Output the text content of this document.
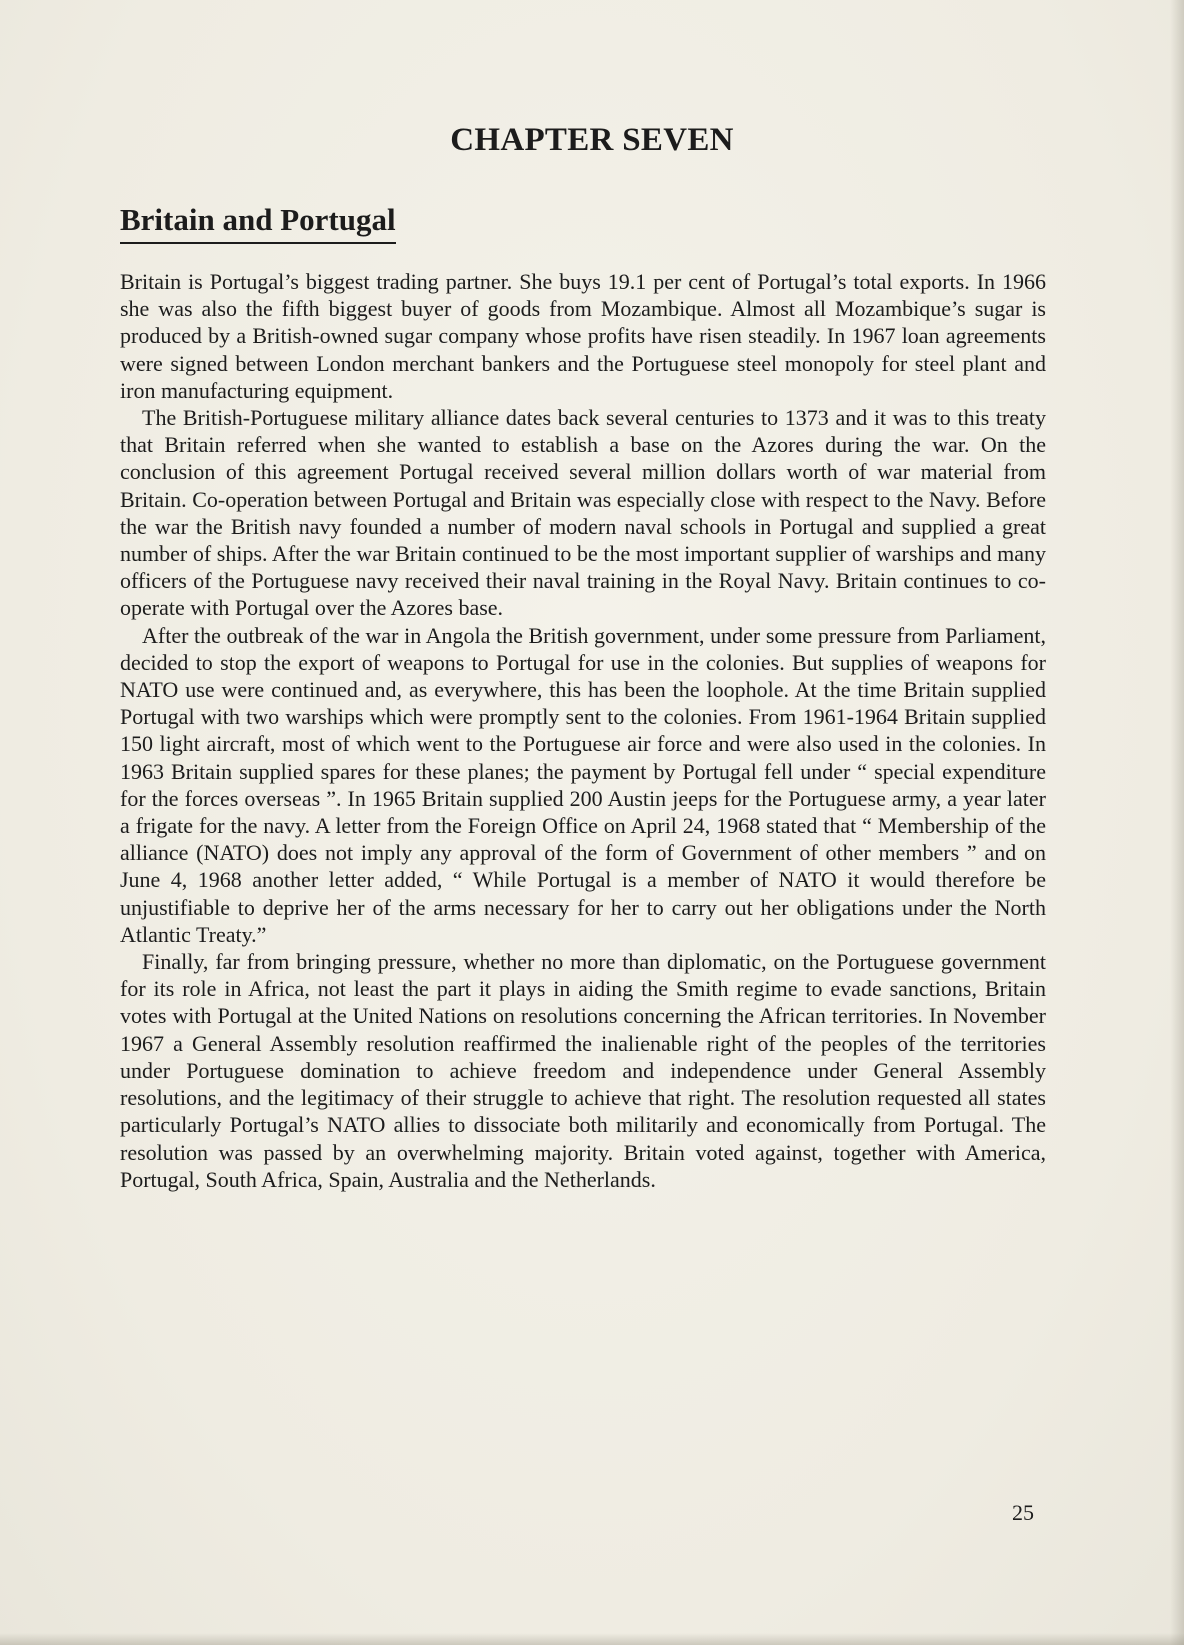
CHAPTER SEVEN
Britain and Portugal

Britain is Portugal’s biggest trading partner. She buys 19.1 per cent of Portugal’s total exports. In 1966 she was also the fifth biggest buyer of goods from Mozambique. Almost all Mozambique’s sugar is produced by a British-owned sugar company whose profits have risen steadily. In 1967 loan agreements were signed between London merchant bankers and the Portuguese steel monopoly for steel plant and iron manufacturing equipment.

The British-Portuguese military alliance dates back several centuries to 1373 and it was to this treaty that Britain referred when she wanted to establish a base on the Azores during the war. On the conclusion of this agreement Portugal received several million dollars worth of war material from Britain. Co-operation between Portugal and Britain was especially close with respect to the Navy. Before the war the British navy founded a number of modern naval schools in Portugal and supplied a great number of ships. After the war Britain continued to be the most important supplier of warships and many officers of the Portuguese navy received their naval training in the Royal Navy. Britain continues to co-operate with Portugal over the Azores base.

After the outbreak of the war in Angola the British government, under some pressure from Parliament, decided to stop the export of weapons to Portugal for use in the colonies. But supplies of weapons for NATO use were continued and, as everywhere, this has been the loophole. At the time Britain supplied Portugal with two warships which were promptly sent to the colonies. From 1961-1964 Britain supplied 150 light aircraft, most of which went to the Portuguese air force and were also used in the colonies. In 1963 Britain supplied spares for these planes; the payment by Portugal fell under “ special expenditure for the forces overseas ”. In 1965 Britain supplied 200 Austin jeeps for the Portuguese army, a year later a frigate for the navy. A letter from the Foreign Office on April 24, 1968 stated that “ Membership of the alliance (NATO) does not imply any approval of the form of Government of other members ” and on June 4, 1968 another letter added, “ While Portugal is a member of NATO it would therefore be unjustifiable to deprive her of the arms necessary for her to carry out her obligations under the North Atlantic Treaty.”

Finally, far from bringing pressure, whether no more than diplomatic, on the Portuguese government for its role in Africa, not least the part it plays in aiding the Smith regime to evade sanctions, Britain votes with Portugal at the United Nations on resolutions concerning the African territories. In November 1967 a General Assembly resolution reaffirmed the inalienable right of the peoples of the territories under Portuguese domination to achieve freedom and independence under General Assembly resolutions, and the legitimacy of their struggle to achieve that right. The resolution requested all states particularly Portugal’s NATO allies to dissociate both militarily and economically from Portugal. The resolution was passed by an overwhelming majority. Britain voted against, together with America, Portugal, South Africa, Spain, Australia and the Netherlands.

25
